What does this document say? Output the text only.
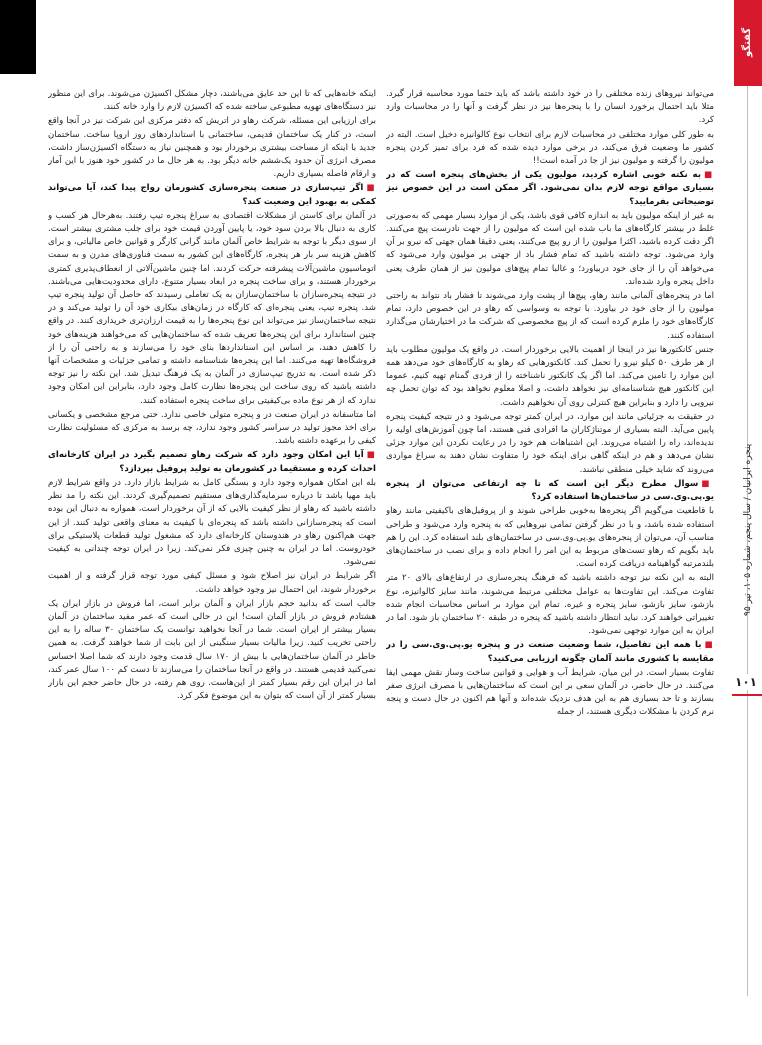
گفتگو
پنجره ایرانیان / سال پنجم، شماره ۱۰۵، تیر ۹۵
۱۰۱

می‌تواند نیروهای زنده مختلفی را در خود داشته باشد که باید حتما مورد محاسبه قرار گیرد. مثلا باید احتمال برخورد انسان را با پنجره‌ها نیز در نظر گرفت و آنها را در محاسبات وارد کرد.

به طور کلی موارد مختلفی در محاسبات لازم برای انتخاب نوع کالوانیزه دخیل است. البته در کشور ما وضعیت فرق می‌کند، در برخی موارد دیده شده که فرد برای تمیز کردن پنجره مولیون را گرفته و مولیون نیز از جا در آمده است!!

■به نکته خوبی اشاره کردید، مولیون یکی از بخش‌های پنجره است که در بسیاری مواقع توجه لازم بدان نمی‌شود. اگر ممکن است در این خصوص نیز توضیحاتی بفرمایید؟

به غیر از اینکه مولیون باید به اندازه کافی قوی باشد، یکی از موارد بسیار مهمی که به‌صورتی غلط در بیشتر کارگاه‌های ما باب شده این است که مولیون را از جهت نادرست پیچ می‌کنند. اگر دقت کرده باشید، اکثرا مولیون را از رو پیچ می‌کنند، یعنی دقیقا همان جهتی که نیرو بر آن وارد می‌شود. توجه داشته باشید که تمام فشار باد از جهتی بر مولیون وارد می‌شود که می‌خواهد آن را از جای خود دربیاورد؛ و غالبا تمام پیچ‌های مولیون نیز از همان طرف یعنی داخل پنجره وارد شده‌اند.

اما در پنجره‌های آلمانی مانند رهاو، پیچ‌ها از پشت وارد می‌شوند تا فشار باد نتواند به راحتی مولیون را از جای خود در بیاورد. با توجه به وسواسی که رهاو در این خصوص دارد، تمام کارگاه‌های خود را ملزم کرده است که از پیچ مخصوصی که شرکت ما در اختیارشان می‌گذارد استفاده کنند.

جنس کانکتورها نیز در اینجا از اهمیت بالایی برخوردار است. در واقع یک مولیون مطلوب باید از هر طرف ۵۰ کیلو نیرو را تحمل کند. کانکتورهایی که رهاو به کارگاه‌های خود می‌دهد همه این موارد را تامین می‌کند. اما اگر یک کانکتور ناشناخته را از فردی گمنام تهیه کنیم، عموما این کانکتور هیچ شناسنامه‌ای نیز نخواهد داشت، و اصلا معلوم نخواهد بود که توان تحمل چه نیرویی را دارد و بنابراین هیچ کنترلی روی آن نخواهیم داشت.

در حقیقت به جزئیاتی مانند این موارد، در ایران کمتر توجه می‌شود و در نتیجه کیفیت پنجره پایین می‌آید. البته بسیاری از موتناژکاران ما افرادی فنی هستند، اما چون آموزش‌های اولیه را ندیده‌اند، راه را اشتباه می‌روند. این اشتباهات هم خود را در رعایت نکردن این موارد جزئی نشان می‌دهد و هم در اینکه گاهی برای اینکه خود را متفاوت نشان دهند به سراغ مواردی می‌روند که شاید خیلی منطقی نباشند.

■سوال مطرح دیگر این است که تا چه ارتفاعی می‌توان از پنجره یو.پی.وی.سی در ساختمان‌ها استفاده کرد؟

با قاطعیت می‌گویم اگر پنجره‌ها به‌خوبی طراحی شوند و از پروفیل‌های باکیفیتی مانند رهاو استفاده شده باشد، و با در نظر گرفتن تمامی نیروهایی که به پنجره وارد می‌شود و طراحی مناسب آن، می‌توان از پنجره‌های یو.پی.وی.سی در ساختمان‌های بلند استفاده کرد. این را هم باید بگویم که رهاو تست‌های مربوط به این امر را انجام داده و برای نصب در ساختمان‌های بلندمرتبه گواهینامه دریافت کرده است.

البته به این نکته نیز توجه داشته باشید که فرهنگ پنجره‌سازی در ارتفاع‌های بالای ۲۰ متر تفاوت می‌کند. این تفاوت‌ها به عوامل مختلفی مرتبط می‌شوند، مانند سایز کالوانیزه، نوع بازشو، سایز بازشو، سایز پنجره و غیره. تمام این موارد بر اساس محاسبات انجام شده تغییراتی خواهند کرد. نباید انتظار داشته باشید که پنجره در طبقه ۲۰ ساختمان باز شود. اما در ایران به این موارد توجهی نمی‌شود.

■با همه این تفاصیل، شما وضعیت صنعت در و پنجره یو.پی.وی.سی را در مقایسه با کشوری مانند آلمان چگونه ارزیابی می‌کنید؟

تفاوت بسیار است. در این میان، شرایط آب و هوایی و قوانین ساخت وساز نقش مهمی ایفا می‌کنند. در حال حاضر، در آلمان سعی بر این است که ساختمان‌هایی با مصرف انرژی صفر بسازند و تا حد بسیاری هم به این هدف نزدیک شده‌اند و آنها هم اکنون در حال دست و پنجه نرم کردن با مشکلات دیگری هستند، از جمله

اینکه خانه‌هایی که تا این حد عایق می‌باشند، دچار مشکل اکسیژن می‌شوند. برای این منظور نیز دستگاه‌های تهویه مطبوعی ساخته شده که اکسیژن لازم را وارد خانه کنند.

برای ارزیابی این مسئله، شرکت رهاو در اتریش که دفتر مرکزی این شرکت نیز در آنجا واقع است، در کنار یک ساختمان قدیمی، ساختمانی با استانداردهای روز اروپا ساخت. ساختمان جدید با اینکه از مساحت بیشتری برخوردار بود و همچنین نیاز به دستگاه اکسیژن‌ساز داشت، مصرف انرژی آن حدود یک‌ششم خانه دیگر بود. به هر حال ما در کشور خود هنوز با این آمار و ارقام فاصله بسیاری داریم.

■اگر تیپ‌سازی در صنعت پنجره‌سازی کشورمان رواج پیدا کند، آیا می‌تواند کمکی به بهبود این وضعیت کند؟

در آلمان برای کاستن از مشکلات اقتصادی به سراغ پنجره تیپ رفتند. به‌هرحال هر کسب و کاری به دنبال بالا بردن سود خود، یا پایین آوردن قیمت خود برای جلب مشتری بیشتر است. از سوی دیگر با توجه به شرایط خاص آلمان مانند گرانی کارگر و قوانین خاص مالیاتی، و برای کاهش هزینه سر بار هر پنجره، کارگاه‌های این کشور به سمت فناوری‌های مدرن و به سمت اتوماسیون ماشین‌آلات پیشرفته حرکت کردند. اما چنین ماشین‌آلاتی از انعطاف‌پذیری کمتری برخوردار هستند، و برای ساخت پنجره در ابعاد بسیار متنوع، دارای محدودیت‌هایی می‌باشند. در نتیجه پنجره‌سازان با ساختمان‌سازان به یک تعاملی رسیدند که حاصل آن تولید پنجره تیپ شد. پنجره تیپ، یعنی پنجره‌ای که کارگاه در زمان‌های بیکاری خود آن را تولید می‌کند و در نتیجه ساختمان‌ساز نیز می‌تواند این نوع پنجره‌ها را به قیمت ارزان‌تری خریداری کنند. در واقع چنین استاندارد برای این پنجره‌ها تعریف شده که ساختمان‌هایی که می‌خواهند هزینه‌های خود را کاهش دهند، بر اساس این استانداردها بنای خود را می‌سازند و به راحتی آن را از فروشگاه‌ها تهیه می‌کنند. اما این پنجره‌ها شناسنامه داشته و تمامی جزئیات و مشخصات آنها ذکر شده است. به تدریج تیپ‌سازی در آلمان به یک فرهنگ تبدیل شد. این نکته را نیز توجه داشته باشید که روی ساخت این پنجره‌ها نظارت کامل وجود دارد، بنابراین این امکان وجود ندارد که از هر نوع ماده بی‌کیفیتی برای ساخت پنجره استفاده کنند.

اما متاسفانه در ایران صنعت در و پنجره متولی خاصی ندارد. حتی مرجع مشخصی و یکسانی برای اخذ مجوز تولید در سراسر کشور وجود ندارد، چه برسد به مرکزی که مسئولیت نظارت کیفی را برعهده داشته باشد.

■آیا این امکان وجود دارد که شرکت رهاو تصمیم بگیرد در ایران کارخانه‌ای احداث کرده و مستقیما در کشورمان به تولید پروفیل بپردازد؟

بله این امکان همواره وجود دارد و بستگی کامل به شرایط بازار دارد. در واقع شرایط لازم باید مهیا باشد تا درباره سرمایه‌گذاری‌های مستقیم تصمیم‌گیری کردند. این نکته را مد نظر داشته باشید که رهاو از نظر کیفیت بالایی که از آن برخوردار است، همواره به دنبال این بوده است که پنجره‌سازانی داشته باشد که پنجره‌ای با کیفیت به معنای واقعی تولید کنند. از این جهت هم‌اکنون رهاو در هندوستان کارخانه‌ای دارد که مشغول تولید قطعات پلاستیکی برای خودروست. اما در ایران به چنین چیزی فکر نمی‌کند. زیرا در ایران توجه چندانی به کیفیت نمی‌شود.

اگر شرایط در ایران نیز اصلاح شود و مسئل کیفی مورد توجه قرار گرفته و از اهمیت برخوردار شوند، این احتمال نیز وجود خواهد داشت.

جالب است که بدانید حجم بازار ایران و آلمان برابر است، اما فروش در بازار ایران یک هشتادم فروش در بازار آلمان است! این در حالی است که عمر مفید ساختمان در آلمان بسیار بیشتر از ایران است. شما در آنجا نخواهید توانست یک ساختمان ۳۰ ساله را به این راحتی تخریب کنید. زیرا مالیات بسیار سنگینی از این بابت از شما خواهند گرفت. به همین خاطر در آلمان ساختمان‌هایی با بیش از ۱۷۰ سال قدمت وجود دارند که شما اصلا احساس نمی‌کنید قدیمی هستند. در واقع در آنجا ساختمان را می‌سازند تا دست کم ۱۰۰ سال عمر کند، اما در ایران این رقم بسیار کمتر از این‌هاست. روی هم رفته، در حال حاضر حجم این بازار بسیار کمتر از آن است که بتوان به این موضوع فکر کرد.
